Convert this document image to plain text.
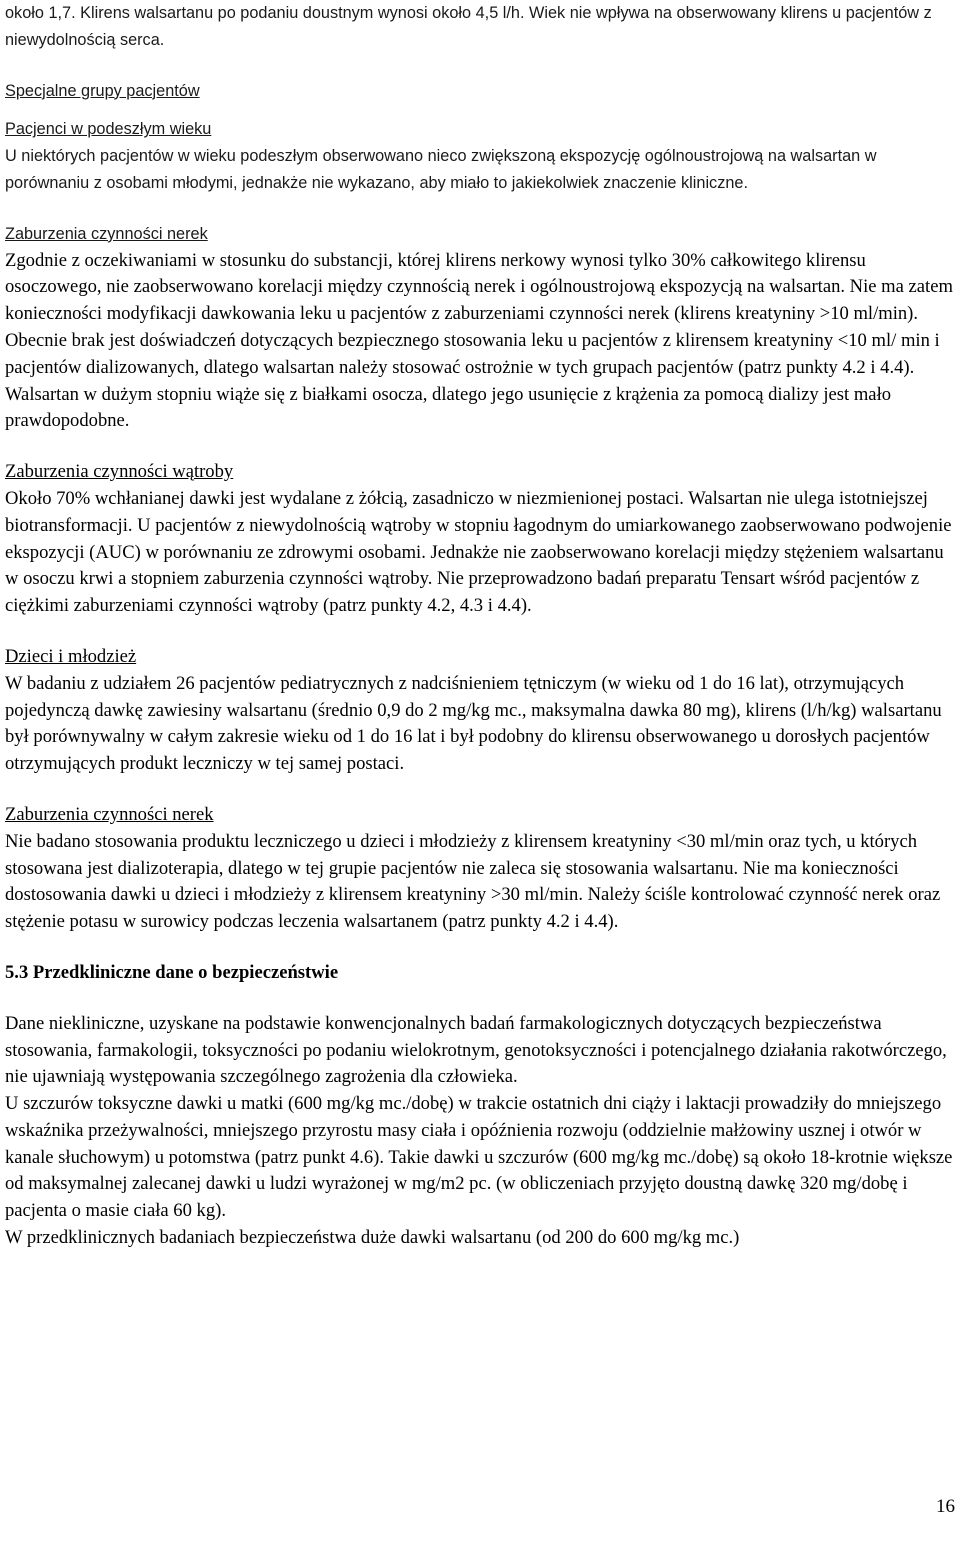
około 1,7. Klirens walsartanu po podaniu doustnym wynosi około 4,5 l/h. Wiek nie wpływa na obserwowany klirens u pacjentów z niewydolnością serca.

Specjalne grupy pacjentów

Pacjenci w podeszłym wieku

U niektórych pacjentów w wieku podeszłym obserwowano nieco zwiększoną ekspozycję ogólnoustrojową na walsartan w porównaniu z osobami młodymi, jednakże nie wykazano, aby miało to jakiekolwiek znaczenie kliniczne.

Zaburzenia czynności nerek

Zgodnie z oczekiwaniami w stosunku do substancji, której klirens nerkowy wynosi tylko 30% całkowitego klirensu osoczowego, nie zaobserwowano korelacji między czynnością nerek i ogólnoustrojową ekspozycją na walsartan. Nie ma zatem konieczności modyfikacji dawkowania leku u pacjentów z zaburzeniami czynności nerek (klirens kreatyniny >10 ml/min). Obecnie brak jest doświadczeń dotyczących bezpiecznego stosowania leku u pacjentów z klirensem kreatyniny <10 ml/ min i pacjentów dializowanych, dlatego walsartan należy stosować ostrożnie w tych grupach pacjentów (patrz punkty 4.2 i 4.4). Walsartan w dużym stopniu wiąże się z białkami osocza, dlatego jego usunięcie z krążenia za pomocą dializy jest mało prawdopodobne.

Zaburzenia czynności wątroby

Około 70% wchłanianej dawki jest wydalane z żółcią, zasadniczo w niezmienionej postaci. Walsartan nie ulega istotniejszej biotransformacji. U pacjentów z niewydolnością wątroby w stopniu łagodnym do umiarkowanego zaobserwowano podwojenie ekspozycji (AUC) w porównaniu ze zdrowymi osobami. Jednakże nie zaobserwowano korelacji między stężeniem walsartanu w osoczu krwi a stopniem zaburzenia czynności wątroby. Nie przeprowadzono badań preparatu Tensart wśród pacjentów z ciężkimi zaburzeniami czynności wątroby (patrz punkty 4.2, 4.3 i 4.4).

Dzieci i młodzież

W badaniu z udziałem 26 pacjentów pediatrycznych z nadciśnieniem tętniczym (w wieku od 1 do 16 lat), otrzymujących pojedynczą dawkę zawiesiny walsartanu (średnio 0,9 do 2 mg/kg mc., maksymalna dawka 80 mg), klirens (l/h/kg) walsartanu był porównywalny w całym zakresie wieku od 1 do 16 lat i był podobny do klirensu obserwowanego u dorosłych pacjentów otrzymujących produkt leczniczy w tej samej postaci.

Zaburzenia czynności nerek

Nie badano stosowania produktu leczniczego u dzieci i młodzieży z klirensem kreatyniny <30 ml/min oraz tych, u których stosowana jest dializoterapia, dlatego w tej grupie pacjentów nie zaleca się stosowania walsartanu. Nie ma konieczności dostosowania dawki u dzieci i młodzieży z klirensem kreatyniny >30 ml/min. Należy ściśle kontrolować czynność nerek oraz stężenie potasu w surowicy podczas leczenia walsartanem (patrz punkty 4.2 i 4.4).

5.3 Przedkliniczne dane o bezpieczeństwie

Dane niekliniczne, uzyskane na podstawie konwencjonalnych badań farmakologicznych dotyczących bezpieczeństwa stosowania, farmakologii, toksyczności po podaniu wielokrotnym, genotoksyczności i potencjalnego działania rakotwórczego, nie ujawniają występowania szczególnego zagrożenia dla człowieka.

U szczurów toksyczne dawki u matki (600 mg/kg mc./dobę) w trakcie ostatnich dni ciąży i laktacji prowadziły do mniejszego wskaźnika przeżywalności, mniejszego przyrostu masy ciała i opóźnienia rozwoju (oddzielnie małżowiny usznej i otwór w kanale słuchowym) u potomstwa (patrz punkt 4.6). Takie dawki u szczurów (600 mg/kg mc./dobę) są około 18-krotnie większe od maksymalnej zalecanej dawki u ludzi wyrażonej w mg/m2 pc. (w obliczeniach przyjęto doustną dawkę 320 mg/dobę i pacjenta o masie ciała 60 kg).

W przedklinicznych badaniach bezpieczeństwa duże dawki walsartanu (od 200 do 600 mg/kg mc.)

16
